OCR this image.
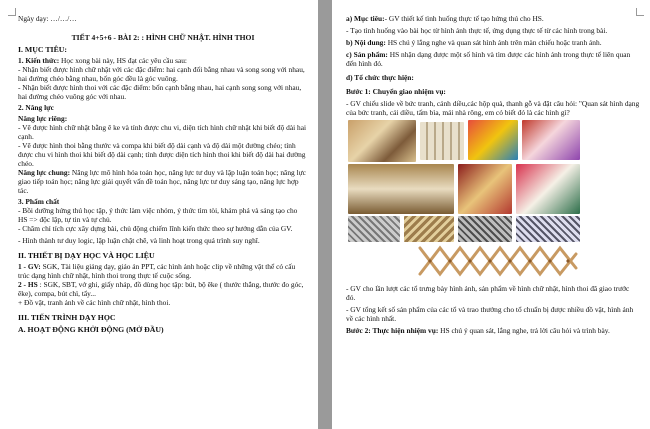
Ngày dạy: …/…/…

TIẾT 4+5+6 - BÀI 2: : HÌNH CHỮ NHẬT. HÌNH THOI

I. MỤC TIÊU:

1. Kiến thức: Học xong bài này, HS đạt các yêu cầu sau:

- Nhận biết được hình chữ nhật với các đặc điểm: hai cạnh đối bằng nhau và song song với nhau, hai đường chéo bằng nhau, bốn góc đều là góc vuông.

- Nhận biết được hình thoi với các đặc điểm: bốn cạnh bằng nhau, hai cạnh song song với nhau, hai đường chéo vuông góc với nhau.

2. Năng lực

Năng lực riêng:

- Vẽ được hình chữ nhật bằng ê ke và tính được chu vi, diện tích hình chữ nhật khi biết độ dài hai cạnh.

- Vẽ được hình thoi bằng thước và compa khi biết độ dài cạnh và độ dài một đường chéo; tính được chu vi hình thoi khi biết độ dài cạnh; tính được diện tích hình thoi khi biết độ dài hai đường chéo.

Năng lực chung: Năng lực mô hình hóa toán học, năng lực tư duy và lập luận toán học; năng lực giao tiếp toán học; năng lực giải quyết vấn đề toán học, năng lực tư duy sáng tạo, năng lực hợp tác.

3. Phẩm chất

- Bồi dưỡng hứng thú học tập, ý thức làm việc nhóm, ý thức tìm tòi, khám phá và sáng tạo cho HS => độc lập, tự tin và tự chủ.

- Chăm chỉ tích cực xây dựng bài, chủ động chiếm lĩnh kiến thức theo sự hướng dẫn của GV.

- Hình thành tư duy logic, lập luận chặt chẽ, và linh hoạt trong quá trình suy nghĩ.

II. THIẾT BỊ DẠY HỌC VÀ HỌC LIỆU

1 - GV: SGK, Tài liệu giảng dạy, giáo án PPT, các hình ảnh hoặc clip về những vật thể có cấu trúc dạng hình chữ nhật, hình thoi trong thực tế cuộc sống.

2 - HS : SGK, SBT, vở ghi, giấy nháp, đồ dùng học tập: bút, bộ êke ( thước thẳng, thước đo góc, êke), compa, bút chì, tẩy...

+ Đồ vật, tranh ảnh về các hình chữ nhật, hình thoi.

III. TIẾN TRÌNH DẠY HỌC

A. HOẠT ĐỘNG KHỞI ĐỘNG (MỞ ĐẦU)

a) Mục tiêu:- GV thiết kế tình huống thực tế tạo hứng thú cho HS.

- Tạo tình huống vào bài học từ hình ảnh thực tế, ứng dụng thực tế từ các hình trong bài.

b) Nội dung: HS chú ý lắng nghe và quan sát hình ảnh trên màn chiếu hoặc tranh ảnh.

c) Sản phẩm: HS nhận dạng được một số hình và tìm được các hình ảnh trong thực tế liên quan đến hình đó.

d) Tổ chức thực hiện:

Bước 1: Chuyển giao nhiệm vụ:

- GV chiếu slide về bức tranh, cánh diều,các hộp quà, thanh gỗ và đặt câu hỏi: "Quan sát hình dạng của bức tranh, cái diều, tấm bìa, mái nhà rông, em có biết đó là các hình gì?

- GV cho lần lượt các tổ trưng bày hình ảnh, sản phẩm về hình chữ nhật, hình thoi đã giao trước đó.

- GV tổng kết số sản phẩm của các tổ và trao thưởng cho tổ chuẩn bị được nhiều đồ vật, hình ảnh về các hình nhất.

Bước 2: Thực hiện nhiệm vụ: HS chú ý quan sát, lắng nghe, trả lời câu hỏi và trình bày.
